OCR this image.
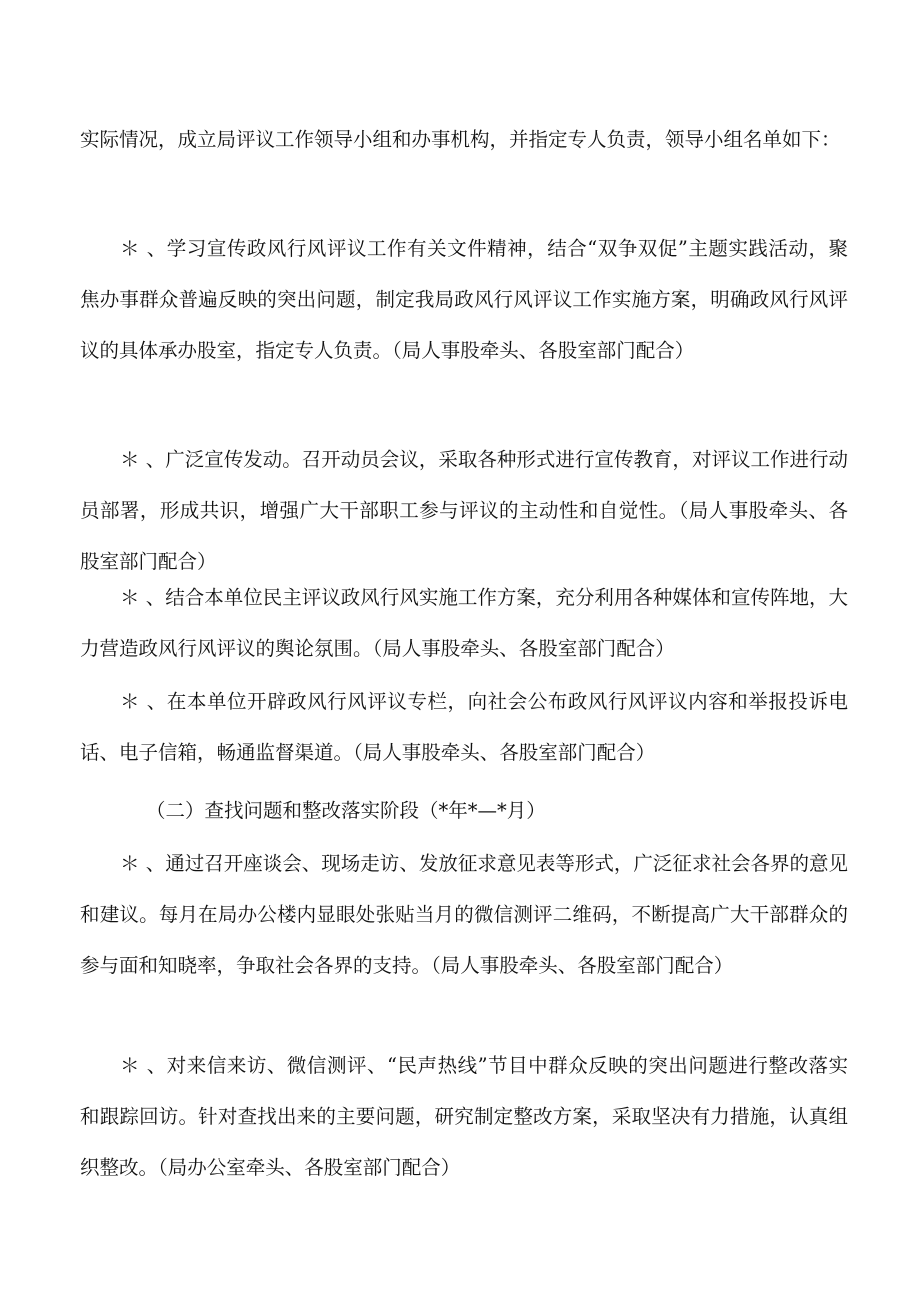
实际情况，成立局评议工作领导小组和办事机构，并指定专人负责，领导小组名单如下：

＊ 、学习宣传政风行风评议工作有关文件精神，结合“双争双促”主题实践活动，聚焦办事群众普遍反映的突出问题，制定我局政风行风评议工作实施方案，明确政风行风评议的具体承办股室，指定专人负责。（局人事股牵头、各股室部门配合）

＊ 、广泛宣传发动。召开动员会议，采取各种形式进行宣传教育，对评议工作进行动员部署，形成共识，增强广大干部职工参与评议的主动性和自觉性。（局人事股牵头、各股室部门配合）

＊ 、结合本单位民主评议政风行风实施工作方案，充分利用各种媒体和宣传阵地，大力营造政风行风评议的舆论氛围。（局人事股牵头、各股室部门配合）

＊ 、在本单位开辟政风行风评议专栏，向社会公布政风行风评议内容和举报投诉电话、电子信箱，畅通监督渠道。（局人事股牵头、各股室部门配合）

（二）查找问题和整改落实阶段（*年*—*月）

＊ 、通过召开座谈会、现场走访、发放征求意见表等形式，广泛征求社会各界的意见和建议。每月在局办公楼内显眼处张贴当月的微信测评二维码，不断提高广大干部群众的参与面和知晓率，争取社会各界的支持。（局人事股牵头、各股室部门配合）

＊ 、对来信来访、微信测评、“民声热线”节目中群众反映的突出问题进行整改落实和跟踪回访。针对查找出来的主要问题，研究制定整改方案，采取坚决有力措施，认真组织整改。（局办公室牵头、各股室部门配合）
